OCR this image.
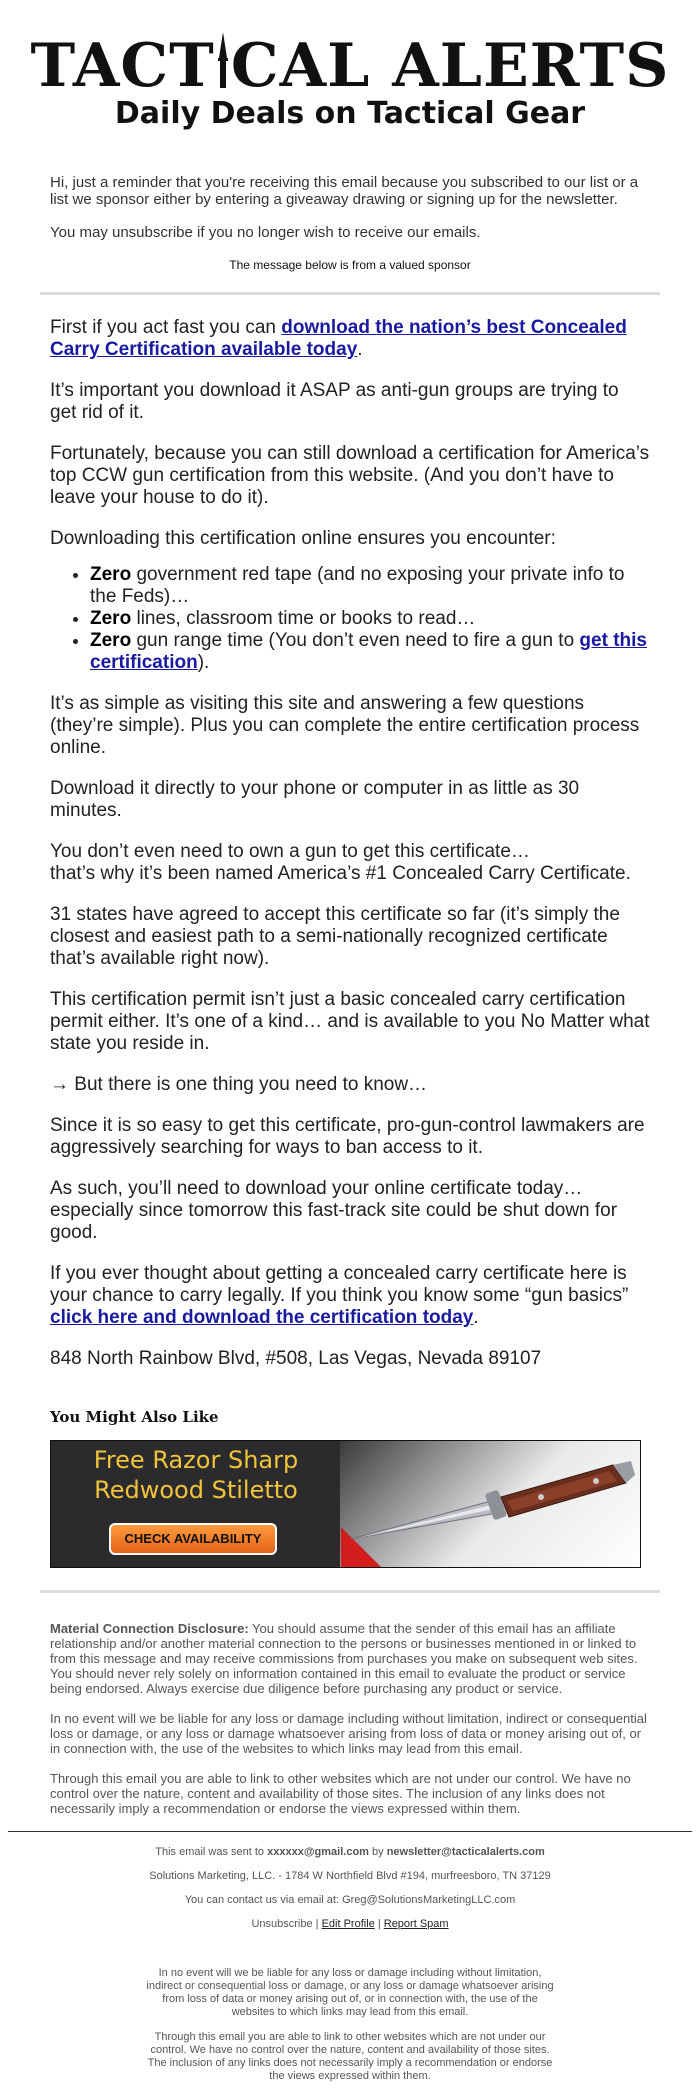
TACT CAL ALERTS
Daily Deals on Tactical Gear

Hi, just a reminder that you're receiving this email because you subscribed to our list or a list we sponsor either by entering a giveaway drawing or signing up for the newsletter.

You may unsubscribe if you no longer wish to receive our emails.

The message below is from a valued sponsor

First if you act fast you can download the nation’s best Concealed Carry Certification available today.

It’s important you download it ASAP as anti-gun groups are trying to get rid of it.

Fortunately, because you can still download a certification for America’s top CCW gun certification from this website. (And you don’t have to leave your house to do it).

Downloading this certification online ensures you encounter:

• Zero government red tape (and no exposing your private info to the Feds)…
• Zero lines, classroom time or books to read…
• Zero gun range time (You don’t even need to fire a gun to get this certification).

It’s as simple as visiting this site and answering a few questions (they’re simple). Plus you can complete the entire certification process online.

Download it directly to your phone or computer in as little as 30 minutes.

You don’t even need to own a gun to get this certificate…
that’s why it’s been named America’s #1 Concealed Carry Certificate.

31 states have agreed to accept this certificate so far (it’s simply the closest and easiest path to a semi-nationally recognized certificate that’s available right now).

This certification permit isn’t just a basic concealed carry certification permit either. It’s one of a kind… and is available to you No Matter what state you reside in.

→ But there is one thing you need to know…

Since it is so easy to get this certificate, pro-gun-control lawmakers are aggressively searching for ways to ban access to it.

As such, you’ll need to download your online certificate today… especially since tomorrow this fast-track site could be shut down for good.

If you ever thought about getting a concealed carry certificate here is your chance to carry legally. If you think you know some “gun basics” click here and download the certification today.

848 North Rainbow Blvd, #508, Las Vegas, Nevada 89107

You Might Also Like
Free Razor Sharp
Redwood Stiletto
CHECK AVAILABILITY

Material Connection Disclosure: You should assume that the sender of this email has an affiliate relationship and/or another material connection to the persons or businesses mentioned in or linked to from this message and may receive commissions from purchases you make on subsequent web sites. You should never rely solely on information contained in this email to evaluate the product or service being endorsed. Always exercise due diligence before purchasing any product or service.

In no event will we be liable for any loss or damage including without limitation, indirect or consequential loss or damage, or any loss or damage whatsoever arising from loss of data or money arising out of, or in connection with, the use of the websites to which links may lead from this email.

Through this email you are able to link to other websites which are not under our control. We have no control over the nature, content and availability of those sites. The inclusion of any links does not necessarily imply a recommendation or endorse the views expressed within them.

This email was sent to xxxxxx@gmail.com by newsletter@tacticalalerts.com

Solutions Marketing, LLC. - 1784 W Northfield Blvd #194, murfreesboro, TN 37129

You can contact us via email at: Greg@SolutionsMarketingLLC.com

Unsubscribe | Edit Profile | Report Spam

In no event will we be liable for any loss or damage including without limitation, indirect or consequential loss or damage, or any loss or damage whatsoever arising from loss of data or money arising out of, or in connection with, the use of the websites to which links may lead from this email.

Through this email you are able to link to other websites which are not under our control. We have no control over the nature, content and availability of those sites. The inclusion of any links does not necessarily imply a recommendation or endorse the views expressed within them.
